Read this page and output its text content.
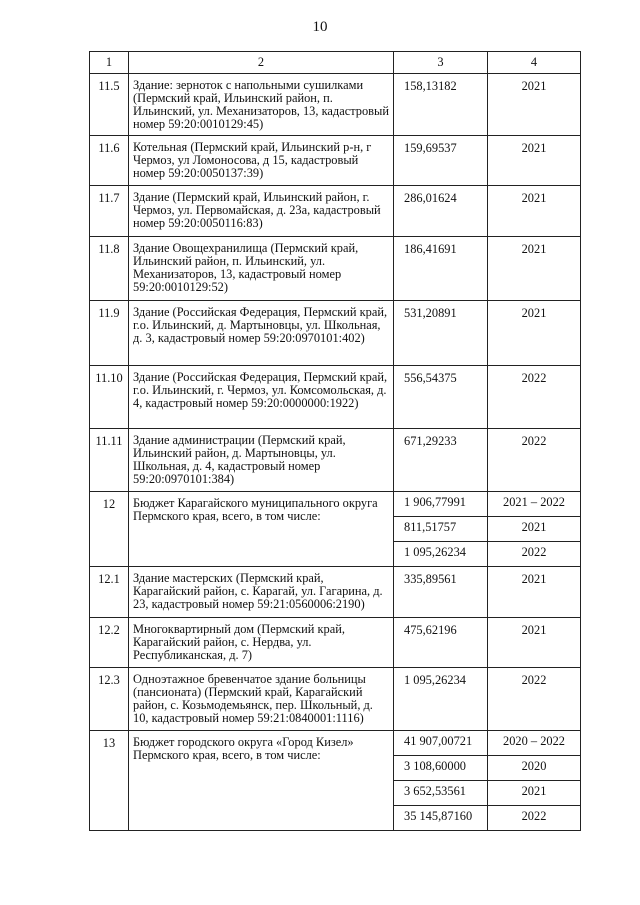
10
1	2	3	4
11.5	Здание: зерноток с напольными сушилками (Пермский край, Ильинский район, п. Ильинский, ул. Механизаторов, 13, кадастровый номер 59:20:0010129:45)	158,13182	2021
11.6	Котельная (Пермский край, Ильинский р-н, г Чермоз, ул Ломоносова, д 15, кадастровый номер 59:20:0050137:39)	159,69537	2021
11.7	Здание (Пермский край, Ильинский район, г. Чермоз, ул. Первомайская, д. 23а, кадастровый номер 59:20:0050116:83)	286,01624	2021
11.8	Здание Овощехранилища (Пермский край, Ильинский район, п. Ильинский, ул. Механизаторов, 13, кадастровый номер 59:20:0010129:52)	186,41691	2021
11.9	Здание (Российская Федерация, Пермский край, г.о. Ильинский, д. Мартыновцы, ул. Школьная, д. 3, кадастровый номер 59:20:0970101:402)	531,20891	2021
11.10	Здание (Российская Федерация, Пермский край, г.о. Ильинский, г. Чермоз, ул. Комсомольская, д. 4, кадастровый номер 59:20:0000000:1922)	556,54375	2022
11.11	Здание администрации (Пермский край, Ильинский район, д. Мартыновцы, ул. Школьная, д. 4, кадастровый номер 59:20:0970101:384)	671,29233	2022
12	Бюджет Карагайского муниципального округа Пермского края, всего, в том числе:	1 906,77991	2021 – 2022
		811,51757	2021
		1 095,26234	2022
12.1	Здание мастерских (Пермский край, Карагайский район, с. Карагай, ул. Гагарина, д. 23, кадастровый номер 59:21:0560006:2190)	335,89561	2021
12.2	Многоквартирный дом (Пермский край, Карагайский район, с. Нердва, ул. Республиканская, д. 7)	475,62196	2021
12.3	Одноэтажное бревенчатое здание больницы (пансионата) (Пермский край, Карагайский район, с. Козьмодемьянск, пер. Школьный, д. 10, кадастровый номер 59:21:0840001:1116)	1 095,26234	2022
13	Бюджет городского округа «Город Кизел» Пермского края, всего, в том числе:	41 907,00721	2020 – 2022
		3 108,60000	2020
		3 652,53561	2021
		35 145,87160	2022
